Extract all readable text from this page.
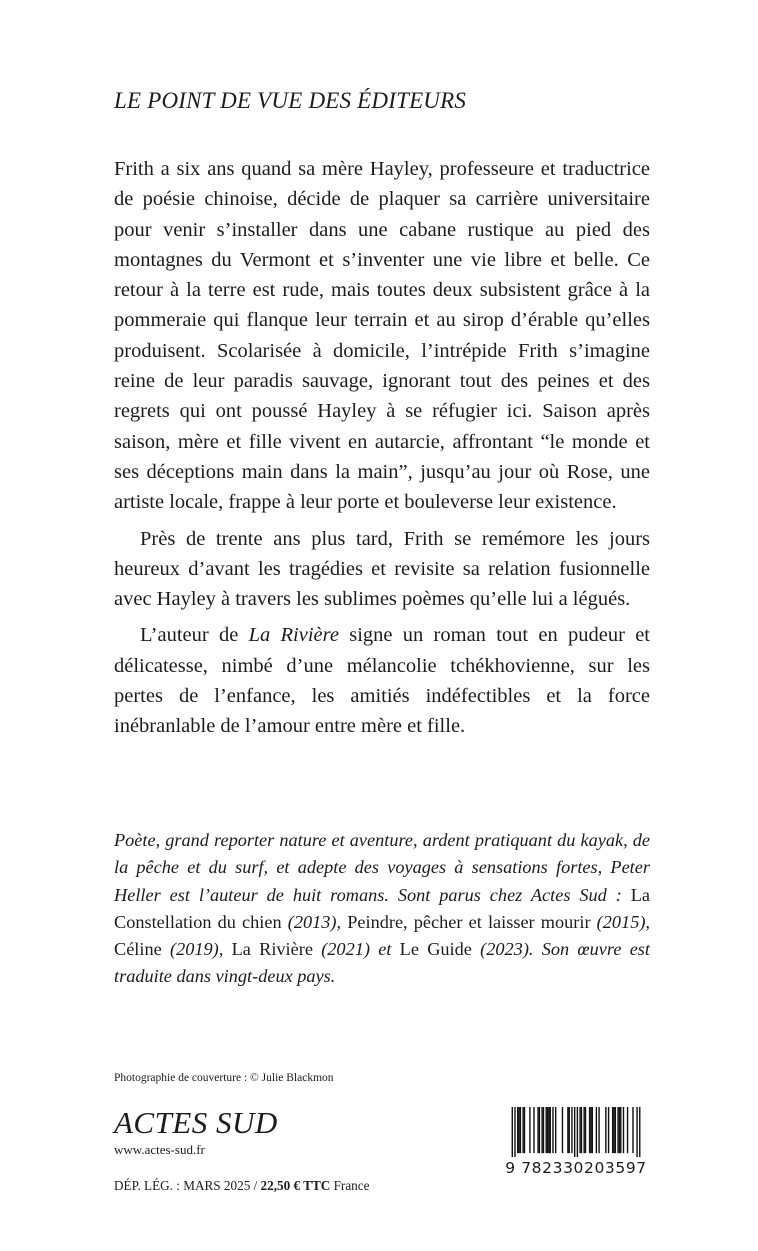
LE POINT DE VUE DES ÉDITEURS

Frith a six ans quand sa mère Hayley, professeure et traductrice de poésie chinoise, décide de plaquer sa carrière universitaire pour venir s’installer dans une cabane rustique au pied des montagnes du Vermont et s’inventer une vie libre et belle. Ce retour à la terre est rude, mais toutes deux subsistent grâce à la pommeraie qui flanque leur terrain et au sirop d’érable qu’elles produisent. Scolarisée à domicile, l’intrépide Frith s’imagine reine de leur paradis sauvage, ignorant tout des peines et des regrets qui ont poussé Hayley à se réfugier ici. Saison après saison, mère et fille vivent en autarcie, affrontant “le monde et ses déceptions main dans la main”, jusqu’au jour où Rose, une artiste locale, frappe à leur porte et bouleverse leur existence.

Près de trente ans plus tard, Frith se remémore les jours heureux d’avant les tragédies et revisite sa relation fusionnelle avec Hayley à travers les sublimes poèmes qu’elle lui a légués.

L’auteur de La Rivière signe un roman tout en pudeur et délicatesse, nimbé d’une mélancolie tchékhovienne, sur les pertes de l’enfance, les amitiés indéfectibles et la force inébranlable de l’amour entre mère et fille.

Poète, grand reporter nature et aventure, ardent pratiquant du kayak, de la pêche et du surf, et adepte des voyages à sensations fortes, Peter Heller est l’auteur de huit romans. Sont parus chez Actes Sud : La Constellation du chien (2013), Peindre, pêcher et laisser mourir (2015), Céline (2019), La Rivière (2021) et Le Guide (2023). Son œuvre est traduite dans vingt-deux pays.

Photographie de couverture : © Julie Blackmon

ACTES SUD
www.actes-sud.fr
DÉP. LÉG. : MARS 2025 / 22,50 € TTC France
9 782330203597
